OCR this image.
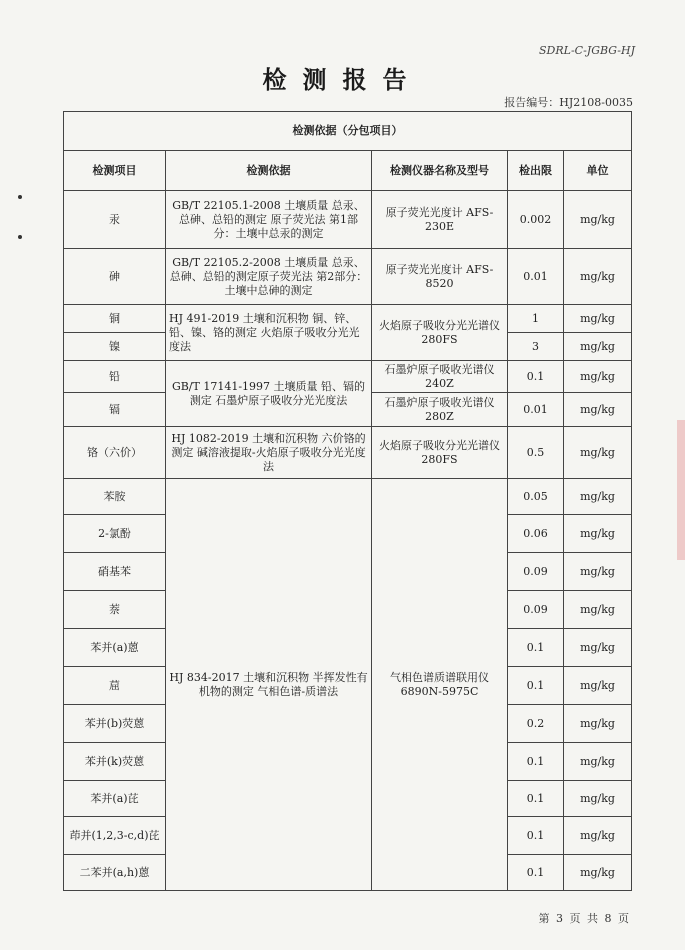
SDRL-C-JGBG-HJ
检测报告
报告编号：HJ2108-0035
检测依据（分包项目）				
检测项目	检测依据	检测仪器名称及型号	检出限	单位
汞	GB/T 22105.1-2008 土壤质量 总汞、总砷、总铅的测定 原子荧光法 第1部分：土壤中总汞的测定	原子荧光光度计 AFS-230E	0.002	mg/kg
砷	GB/T 22105.2-2008 土壤质量 总汞、总砷、总铅的测定原子荧光法 第2部分：土壤中总砷的测定	原子荧光光度计 AFS-8520	0.01	mg/kg
铜	HJ 491-2019 土壤和沉积物 铜、锌、铅、镍、铬的测定 火焰原子吸收分光光度法	火焰原子吸收分光光谱仪 280FS	1	mg/kg
镍			3	mg/kg
铅	GB/T 17141-1997 土壤质量 铅、镉的测定 石墨炉原子吸收分光光度法	石墨炉原子吸收光谱仪 240Z	0.1	mg/kg
镉		石墨炉原子吸收光谱仪 280Z	0.01	mg/kg
铬（六价）	HJ 1082-2019 土壤和沉积物 六价铬的测定 碱溶液提取-火焰原子吸收分光光度法	火焰原子吸收分光光谱仪 280FS	0.5	mg/kg
苯胺	HJ 834-2017 土壤和沉积物 半挥发性有机物的测定 气相色谱-质谱法	气相色谱质谱联用仪 6890N-5975C	0.05	mg/kg
2-氯酚			0.06	mg/kg
硝基苯			0.09	mg/kg
萘			0.09	mg/kg
苯并(a)蒽			0.1	mg/kg
䓛			0.1	mg/kg
苯并(b)荧蒽			0.2	mg/kg
苯并(k)荧蒽			0.1	mg/kg
苯并(a)芘			0.1	mg/kg
茚并(1,2,3-c,d)芘			0.1	mg/kg
二苯并(a,h)蒽			0.1	mg/kg
第 3 页 共 8 页
